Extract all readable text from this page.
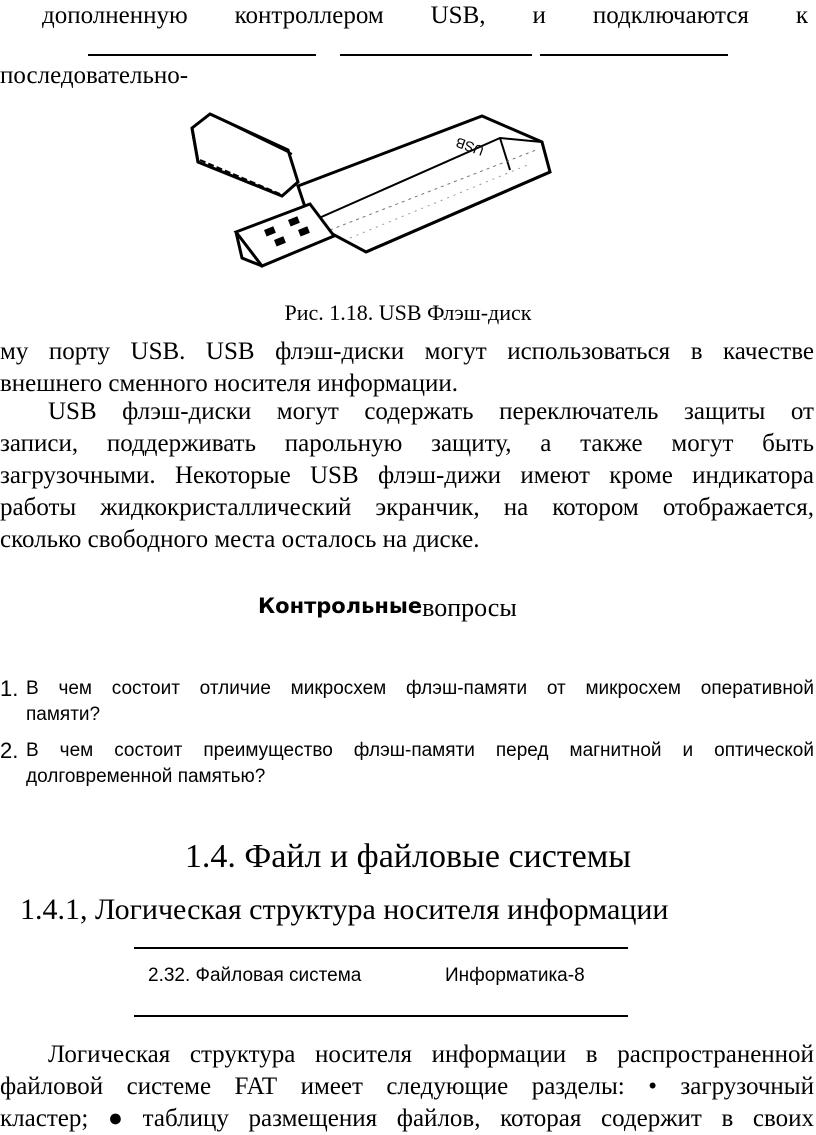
дополненную контроллером USB, и подключаются к
последовательно-
USB
Рис. 1.18. USB Флэш-диск
му порту USB. USB флэш-диски могут использоваться в качестве
внешнего сменного носителя информации.
USB флэш-диски могут содержать переключатель защиты от
записи, поддерживать парольную защиту, а также могут быть
загрузочными. Некоторые USB флэш-дижи имеют кроме индикатора
работы жидкокристаллический экранчик, на котором отображается,
сколько свободного места осталось на диске.
Контрольныевопросы
1. В чем состоит отличие микросхем флэш-памяти от микросхем оперативной
памяти?
2. В чем состоит преимущество флэш-памяти перед магнитной и оптической
долговременной памятью?
1.4. Файл и файловые системы
1.4.1, Логическая структура носителя информации
2.32. Файловая система	Информатика-8
Логическая структура носителя информации в распространенной
файловой системе FAT имеет следующие разделы: • загрузочный
кластер; ● таблицу размещения файлов, которая содержит в своих
